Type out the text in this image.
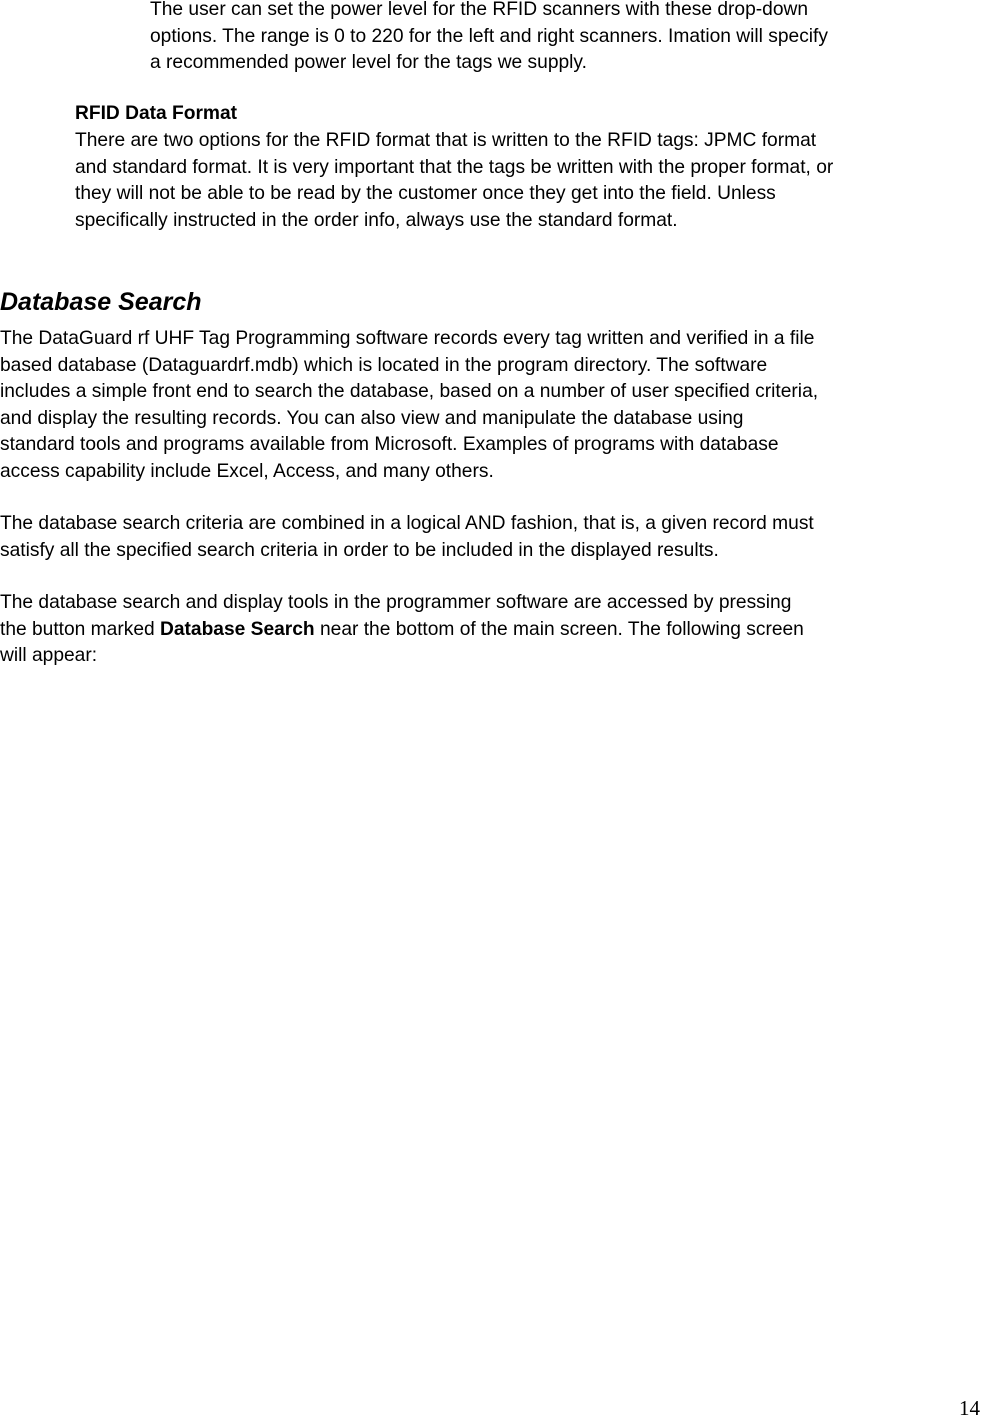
The user can set the power level for the RFID scanners with these drop-down
options. The range is 0 to 220 for the left and right scanners. Imation will specify
a recommended power level for the tags we supply.
RFID Data Format
There are two options for the RFID format that is written to the RFID tags: JPMC format
and standard format. It is very important that the tags be written with the proper format, or
they will not be able to be read by the customer once they get into the field. Unless
specifically instructed in the order info, always use the standard format.
Database Search
The DataGuard rf UHF Tag Programming software records every tag written and verified in a file
based database (Dataguardrf.mdb) which is located in the program directory. The software
includes a simple front end to search the database, based on a number of user specified criteria,
and display the resulting records. You can also view and manipulate the database using
standard tools and programs available from Microsoft. Examples of programs with database
access capability include Excel, Access, and many others.
The database search criteria are combined in a logical AND fashion, that is, a given record must
satisfy all the specified search criteria in order to be included in the displayed results.
The database search and display tools in the programmer software are accessed by pressing
the button marked Database Search near the bottom of the main screen. The following screen
will appear:
14
